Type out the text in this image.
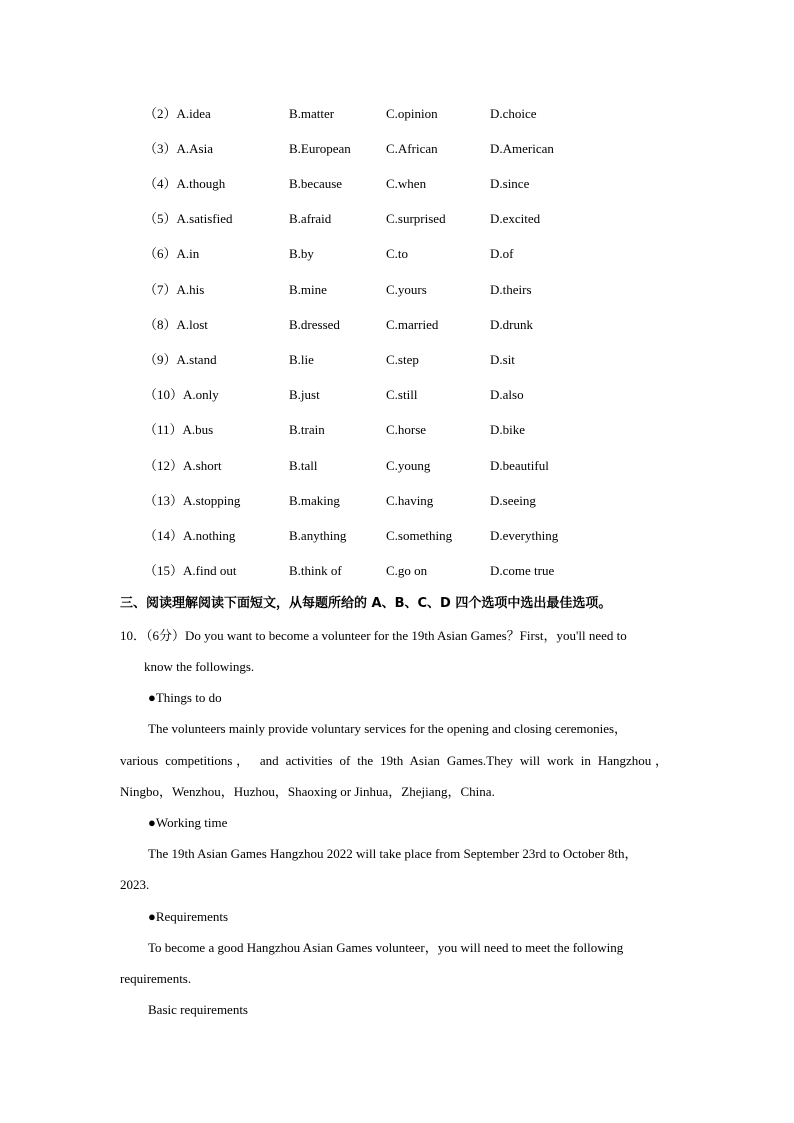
（2）A.idea	B.matter	C.opinion	D.choice
（3）A.Asia	B.European	C.African	D.American
（4）A.though	B.because	C.when	D.since
（5）A.satisfied	B.afraid	C.surprised	D.excited
（6）A.in	B.by	C.to	D.of
（7）A.his	B.mine	C.yours	D.theirs
（8）A.lost	B.dressed	C.married	D.drunk
（9）A.stand	B.lie	C.step	D.sit
（10）A.only	B.just	C.still	D.also
（11）A.bus	B.train	C.horse	D.bike
（12）A.short	B.tall	C.young	D.beautiful
（13）A.stopping	B.making	C.having	D.seeing
（14）A.nothing	B.anything	C.something	D.everything
（15）A.find out	B.think of	C.go on	D.come true
三、阅读理解阅读下面短文，从每题所给的 A、B、C、D 四个选项中选出最佳选项。
10．（6分）Do you want to become a volunteer for the 19th Asian Games？First，you'll need to
know the followings.
●Things to do
The volunteers mainly provide voluntary services for the opening and closing ceremonies，
various competitions， and activities of the 19th Asian Games.They will work in Hangzhou，
Ningbo，Wenzhou，Huzhou，Shaoxing or Jinhua，Zhejiang，China.
●Working time
The 19th Asian Games Hangzhou 2022 will take place from September 23rd to October 8th，
2023.
●Requirements
To become a good Hangzhou Asian Games volunteer，you will need to meet the following
requirements.
Basic requirements
